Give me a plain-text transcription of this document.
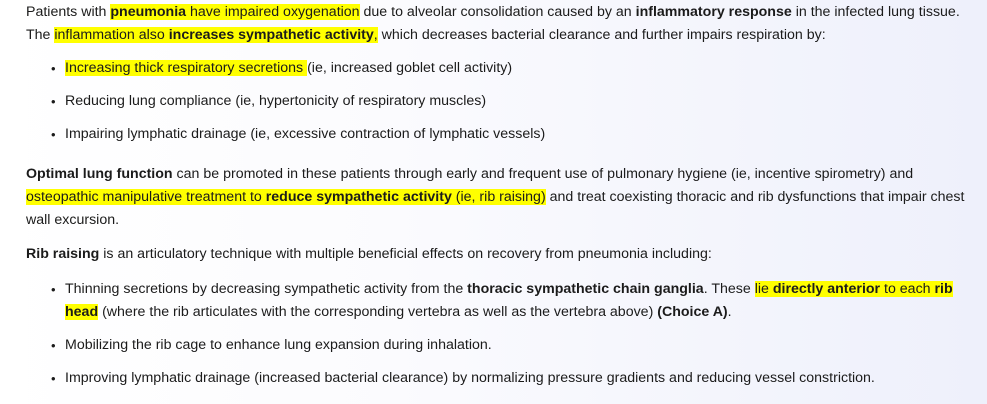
Patients with pneumonia have impaired oxygenation due to alveolar consolidation caused by an inflammatory response in the infected lung tissue. The inflammation also increases sympathetic activity, which decreases bacterial clearance and further impairs respiration by:

• Increasing thick respiratory secretions (ie, increased goblet cell activity)
• Reducing lung compliance (ie, hypertonicity of respiratory muscles)
• Impairing lymphatic drainage (ie, excessive contraction of lymphatic vessels)

Optimal lung function can be promoted in these patients through early and frequent use of pulmonary hygiene (ie, incentive spirometry) and osteopathic manipulative treatment to reduce sympathetic activity (ie, rib raising) and treat coexisting thoracic and rib dysfunctions that impair chest wall excursion.

Rib raising is an articulatory technique with multiple beneficial effects on recovery from pneumonia including:

• Thinning secretions by decreasing sympathetic activity from the thoracic sympathetic chain ganglia. These lie directly anterior to each rib head (where the rib articulates with the corresponding vertebra as well as the vertebra above) (Choice A).
• Mobilizing the rib cage to enhance lung expansion during inhalation.
• Improving lymphatic drainage (increased bacterial clearance) by normalizing pressure gradients and reducing vessel constriction.
